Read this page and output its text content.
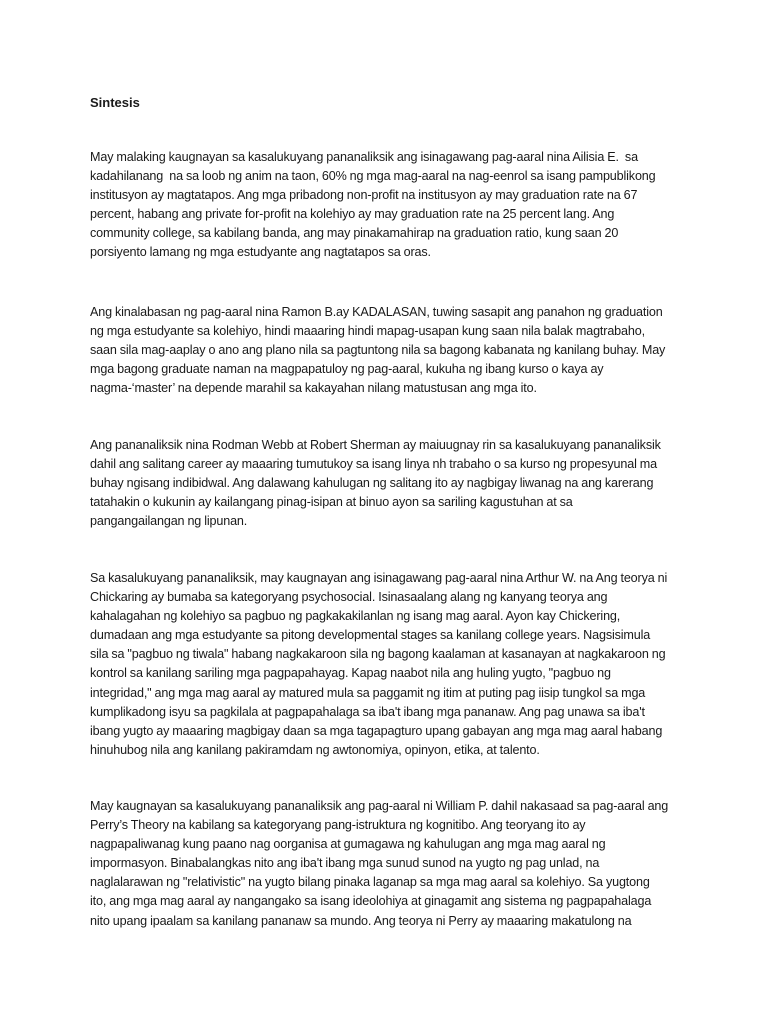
Sintesis

May malaking kaugnayan sa kasalukuyang pananaliksik ang isinagawang pag-aaral nina Ailisia E.  sa
kadahilanang  na sa loob ng anim na taon, 60% ng mga mag-aaral na nag-eenrol sa isang pampublikong
institusyon ay magtatapos. Ang mga pribadong non-profit na institusyon ay may graduation rate na 67
percent, habang ang private for-profit na kolehiyo ay may graduation rate na 25 percent lang. Ang
community college, sa kabilang banda, ang may pinakamahirap na graduation ratio, kung saan 20
porsiyento lamang ng mga estudyante ang nagtatapos sa oras.

Ang kinalabasan ng pag-aaral nina Ramon B.ay KADALASAN, tuwing sasapit ang panahon ng graduation
ng mga estudyante sa kolehiyo, hindi maaaring hindi mapag-usapan kung saan nila balak magtrabaho,
saan sila mag-aaplay o ano ang plano nila sa pagtuntong nila sa bagong kabanata ng kanilang buhay. May
mga bagong graduate naman na magpapatuloy ng pag-aaral, kukuha ng ibang kurso o kaya ay
nagma-‘master’ na depende marahil sa kakayahan nilang matustusan ang mga ito.

Ang pananaliksik nina Rodman Webb at Robert Sherman ay maiuugnay rin sa kasalukuyang pananaliksik
dahil ang salitang career ay maaaring tumutukoy sa isang linya nh trabaho o sa kurso ng propesyunal ma
buhay ngisang indibidwal. Ang dalawang kahulugan ng salitang ito ay nagbigay liwanag na ang karerang
tatahakin o kukunin ay kailangang pinag-isipan at binuo ayon sa sariling kagustuhan at sa
pangangailangan ng lipunan.

Sa kasalukuyang pananaliksik, may kaugnayan ang isinagawang pag-aaral nina Arthur W. na Ang teorya ni
Chickaring ay bumaba sa kategoryang psychosocial. Isinasaalang alang ng kanyang teorya ang
kahalagahan ng kolehiyo sa pagbuo ng pagkakakilanlan ng isang mag aaral. Ayon kay Chickering,
dumadaan ang mga estudyante sa pitong developmental stages sa kanilang college years. Nagsisimula
sila sa "pagbuo ng tiwala" habang nagkakaroon sila ng bagong kaalaman at kasanayan at nagkakaroon ng
kontrol sa kanilang sariling mga pagpapahayag. Kapag naabot nila ang huling yugto, "pagbuo ng
integridad," ang mga mag aaral ay matured mula sa paggamit ng itim at puting pag iisip tungkol sa mga
kumplikadong isyu sa pagkilala at pagpapahalaga sa iba't ibang mga pananaw. Ang pag unawa sa iba't
ibang yugto ay maaaring magbigay daan sa mga tagapagturo upang gabayan ang mga mag aaral habang
hinuhubog nila ang kanilang pakiramdam ng awtonomiya, opinyon, etika, at talento.

May kaugnayan sa kasalukuyang pananaliksik ang pag-aaral ni William P. dahil nakasaad sa pag-aaral ang
Perry’s Theory na kabilang sa kategoryang pang-istruktura ng kognitibo. Ang teoryang ito ay
nagpapaliwanag kung paano nag oorganisa at gumagawa ng kahulugan ang mga mag aaral ng
impormasyon. Binabalangkas nito ang iba't ibang mga sunud sunod na yugto ng pag unlad, na
naglalarawan ng "relativistic" na yugto bilang pinaka laganap sa mga mag aaral sa kolehiyo. Sa yugtong
ito, ang mga mag aaral ay nangangako sa isang ideolohiya at ginagamit ang sistema ng pagpapahalaga
nito upang ipaalam sa kanilang pananaw sa mundo. Ang teorya ni Perry ay maaaring makatulong na
